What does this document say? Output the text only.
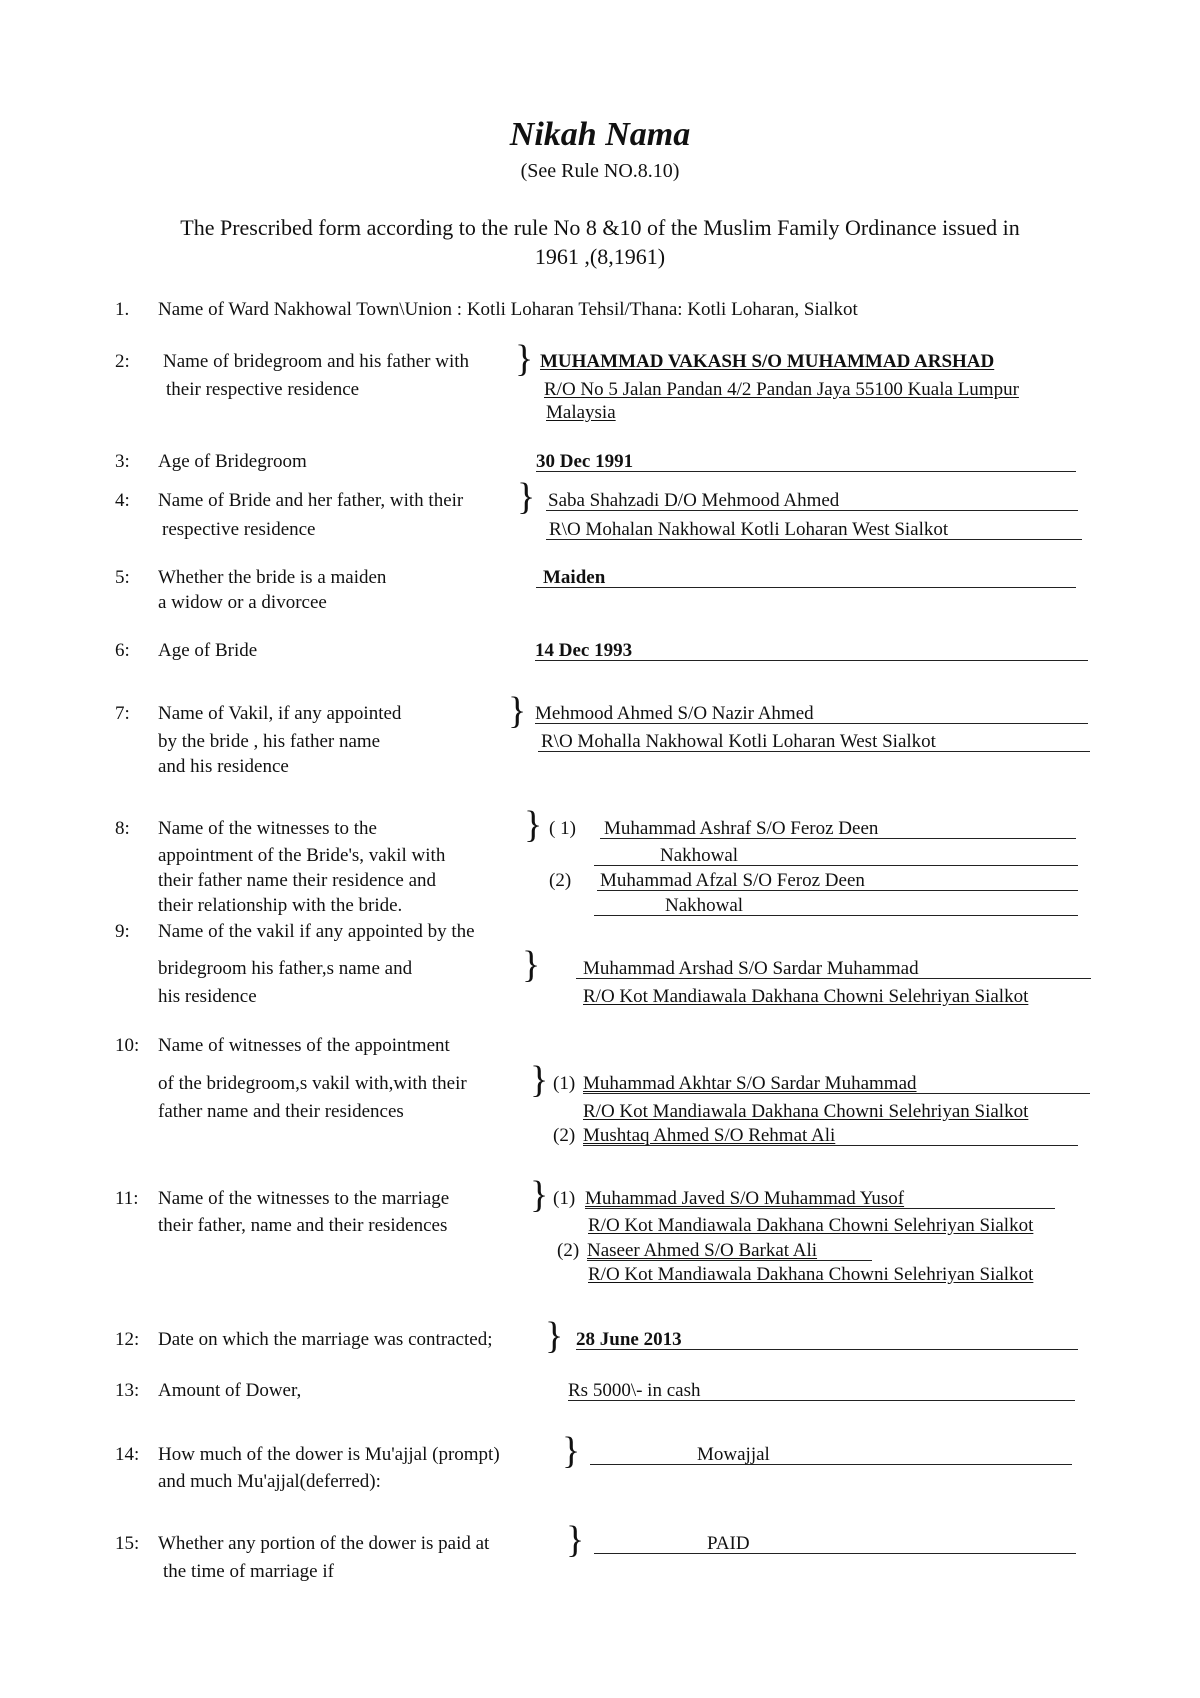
Nikah Nama
(See Rule NO.8.10)
The Prescribed form according to the rule No 8 &10 of the Muslim Family Ordinance issued in
1961 ,(8,1961)
1. Name of Ward Nakhowal Town\Union : Kotli Loharan Tehsil/Thana: Kotli Loharan, Sialkot
2: Name of bridegroom and his father with
their respective residence
} MUHAMMAD VAKASH S/O MUHAMMAD ARSHAD
R/O No 5 Jalan Pandan 4/2 Pandan Jaya 55100 Kuala Lumpur
Malaysia
3: Age of Bridegroom	30 Dec 1991
4: Name of Bride and her father, with their
respective residence
} Saba Shahzadi D/O Mehmood Ahmed
R\O Mohalan Nakhowal Kotli Loharan West Sialkot
5: Whether the bride is a maiden
a widow or a divorcee
Maiden
6: Age of Bride	14 Dec 1993
7: Name of Vakil, if any appointed
by the bride , his father name
and his residence
} Mehmood Ahmed S/O Nazir Ahmed
R\O Mohalla Nakhowal Kotli Loharan West Sialkot
8: Name of the witnesses to the
appointment of the Bride's, vakil with
their father name their residence and
their relationship with the bride.
} ( 1) Muhammad Ashraf S/O Feroz Deen
Nakhowal
(2) Muhammad Afzal S/O Feroz Deen
Nakhowal
9: Name of the vakil if any appointed by the
bridegroom his father,s name and
his residence
} Muhammad Arshad S/O Sardar Muhammad
R/O Kot Mandiawala Dakhana Chowni Selehriyan Sialkot
10: Name of witnesses of the appointment
of the bridegroom,s vakil with,with their
father name and their residences
} (1) Muhammad Akhtar S/O Sardar Muhammad
R/O Kot Mandiawala Dakhana Chowni Selehriyan Sialkot
(2) Mushtaq Ahmed S/O Rehmat Ali
11: Name of the witnesses to the marriage
their father, name and their residences
} (1) Muhammad Javed S/O Muhammad Yusof
R/O Kot Mandiawala Dakhana Chowni Selehriyan Sialkot
(2) Naseer Ahmed S/O Barkat Ali
R/O Kot Mandiawala Dakhana Chowni Selehriyan Sialkot
12: Date on which the marriage was contracted; } 28 June 2013
13: Amount of Dower,	Rs 5000\- in cash
14: How much of the dower is Mu'ajjal (prompt)
and much Mu'ajjal(deferred):
}	Mowajjal
15: Whether any portion of the dower is paid at
the time of marriage if
}	PAID
